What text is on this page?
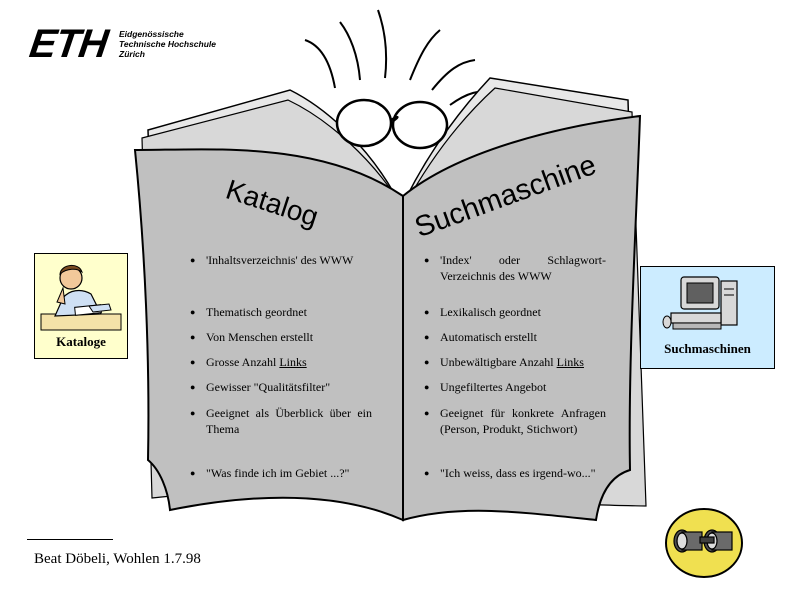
ETH Eidgenössische
Technische Hochschule
Zürich
Katalog	Suchmaschine
● 'Inhaltsverzeichnis' des WWW
● Thematisch geordnet
● Von Menschen erstellt
● Grosse Anzahl Links
● Gewisser "Qualitätsfilter"
● Geeignet als Überblick über ein Thema
● "Was finde ich im Gebiet ...?"
● 'Index' oder Schlagwort-Verzeichnis des WWW
● Lexikalisch geordnet
● Automatisch erstellt
● Unbewältigbare Anzahl Links
● Ungefiltertes Angebot
● Geeignet für konkrete Anfragen (Person, Produkt, Stichwort)
● "Ich weiss, dass es irgend-wo..."
Kataloge	Suchmaschinen
Beat Döbeli, Wohlen 1.7.98
